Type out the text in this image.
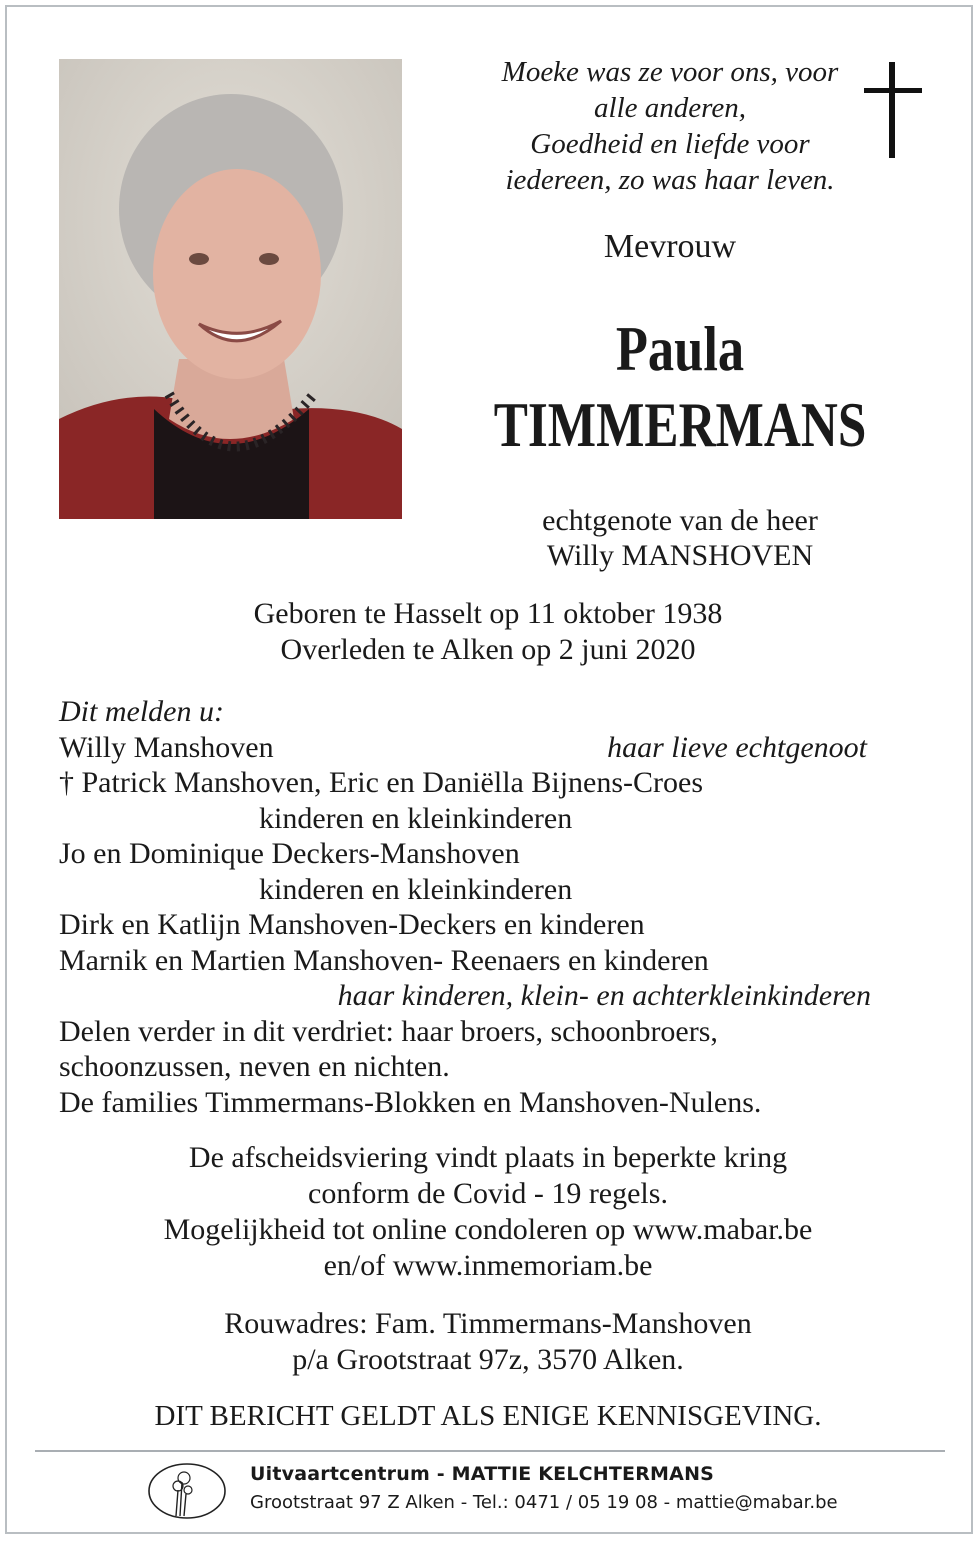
Moeke was ze voor ons, voor
alle anderen,
Goedheid en liefde voor
iedereen, zo was haar leven.
Mevrouw
Paula
TIMMERMANS
echtgenote van de heer
Willy MANSHOVEN
Geboren te Hasselt op 11 oktober 1938
Overleden te Alken op 2 juni 2020
Dit melden u:
Willy Manshoven	haar lieve echtgenoot
† Patrick Manshoven, Eric en Daniëlla Bijnens-Croes
kinderen en kleinkinderen
Jo en Dominique Deckers-Manshoven
kinderen en kleinkinderen
Dirk en Katlijn Manshoven-Deckers en kinderen
Marnik en Martien Manshoven- Reenaers en kinderen
haar kinderen, klein- en achterkleinkinderen
Delen verder in dit verdriet: haar broers, schoonbroers,
schoonzussen, neven en nichten.
De families Timmermans-Blokken en Manshoven-Nulens.
De afscheidsviering vindt plaats in beperkte kring
conform de Covid - 19 regels.
Mogelijkheid tot online condoleren op www.mabar.be
en/of www.inmemoriam.be
Rouwadres: Fam. Timmermans-Manshoven
p/a Grootstraat 97z, 3570 Alken.
DIT BERICHT GELDT ALS ENIGE KENNISGEVING.
Uitvaartcentrum - MATTIE KELCHTERMANS
Grootstraat 97 Z Alken - Tel.: 0471 / 05 19 08 - mattie@mabar.be
